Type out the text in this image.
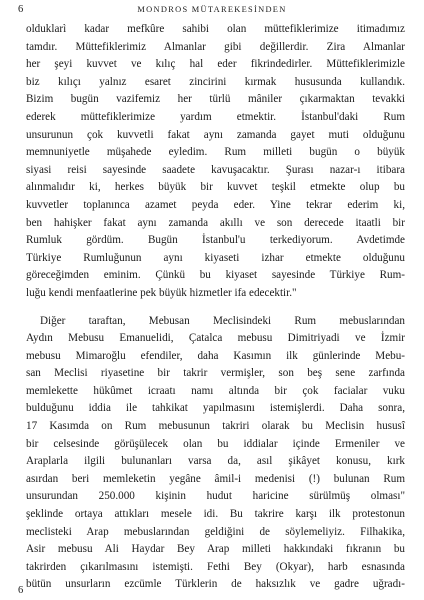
6	MONDROS MÜTAREKESİNDEN
olduklarì kadar mefkûre sahibi olan müttefiklerimize itimadımız
tamdır. Müttefiklerimiz Almanlar gibi değillerdir. Zira Almanlar
her şeyi kuvvet ve kılıç hal eder fikrindedirler. Müttefiklerimizle
biz kılıçı yalnız esaret zincirini kırmak hususunda kullandık.
Bizim bugün vazifemiz her türlü mâniler çıkarmaktan tevakki
ederek müttefiklerimize yardım etmektir. İstanbul'daki Rum
unsurunun çok kuvvetli fakat aynı zamanda gayet muti olduğunu
memnuniyetle müşahede eyledim. Rum milleti bugün o büyük
siyasi reisi sayesinde saadete kavuşacaktır. Şurası nazar-ı itibara
alınmalıdır ki, herkes büyük bir kuvvet teşkil etmekte olup bu
kuvvetler toplanınca azamet peyda eder. Yine tekrar ederim ki,
ben hahişker fakat aynı zamanda akıllı ve son derecede itaatli bir
Rumluk gördüm. Bugün İstanbul'u terkediyorum. Avdetimde
Türkiye Rumluğunun aynı kiyaseti izhar etmekte olduğunu
göreceğimden eminim. Çünkü bu kiyaset sayesinde Türkiye Rum-
luğu kendi menfaatlerine pek büyük hizmetler ifa edecektir."
Diğer taraftan, Mebusan Meclisindeki Rum mebuslarından
Aydın Mebusu Emanuelidi, Çatalca mebusu Dimitriyadi ve İzmir
mebusu Mimaroğlu efendiler, daha Kasımın ilk günlerinde Mebu-
san Meclisi riyasetine bir takrir vermişler, son beş sene zarfında
memlekette hükûmet icraatı namı altında bir çok facialar vuku
bulduğunu iddia ile tahkikat yapılmasını istemişlerdi. Daha sonra,
17 Kasımda on Rum mebusunun takriri olarak bu Meclisin hususî
bir celsesinde görüşülecek olan bu iddialar içinde Ermeniler ve
Araplarla ilgili bulunanları varsa da, asıl şikâyet konusu, kırk
asırdan beri memleketin yegâne âmil-i medenisi (!) bulunan Rum
unsurundan 250.000 kişinin hudut haricine sürülmüş olması"
şeklinde ortaya attıkları mesele idi. Bu takrire karşı ilk protestonun
meclisteki Arap mebuslarından geldiğini de söylemeliyiz. Filhakika,
Asir mebusu Ali Haydar Bey Arap milleti hakkındaki fıkranın bu
takrirden çıkarılmasını istemişti. Fethi Bey (Okyar), harb esnasında
bütün unsurların ezcümle Türklerin de haksızlık ve gadre uğradı-
6
